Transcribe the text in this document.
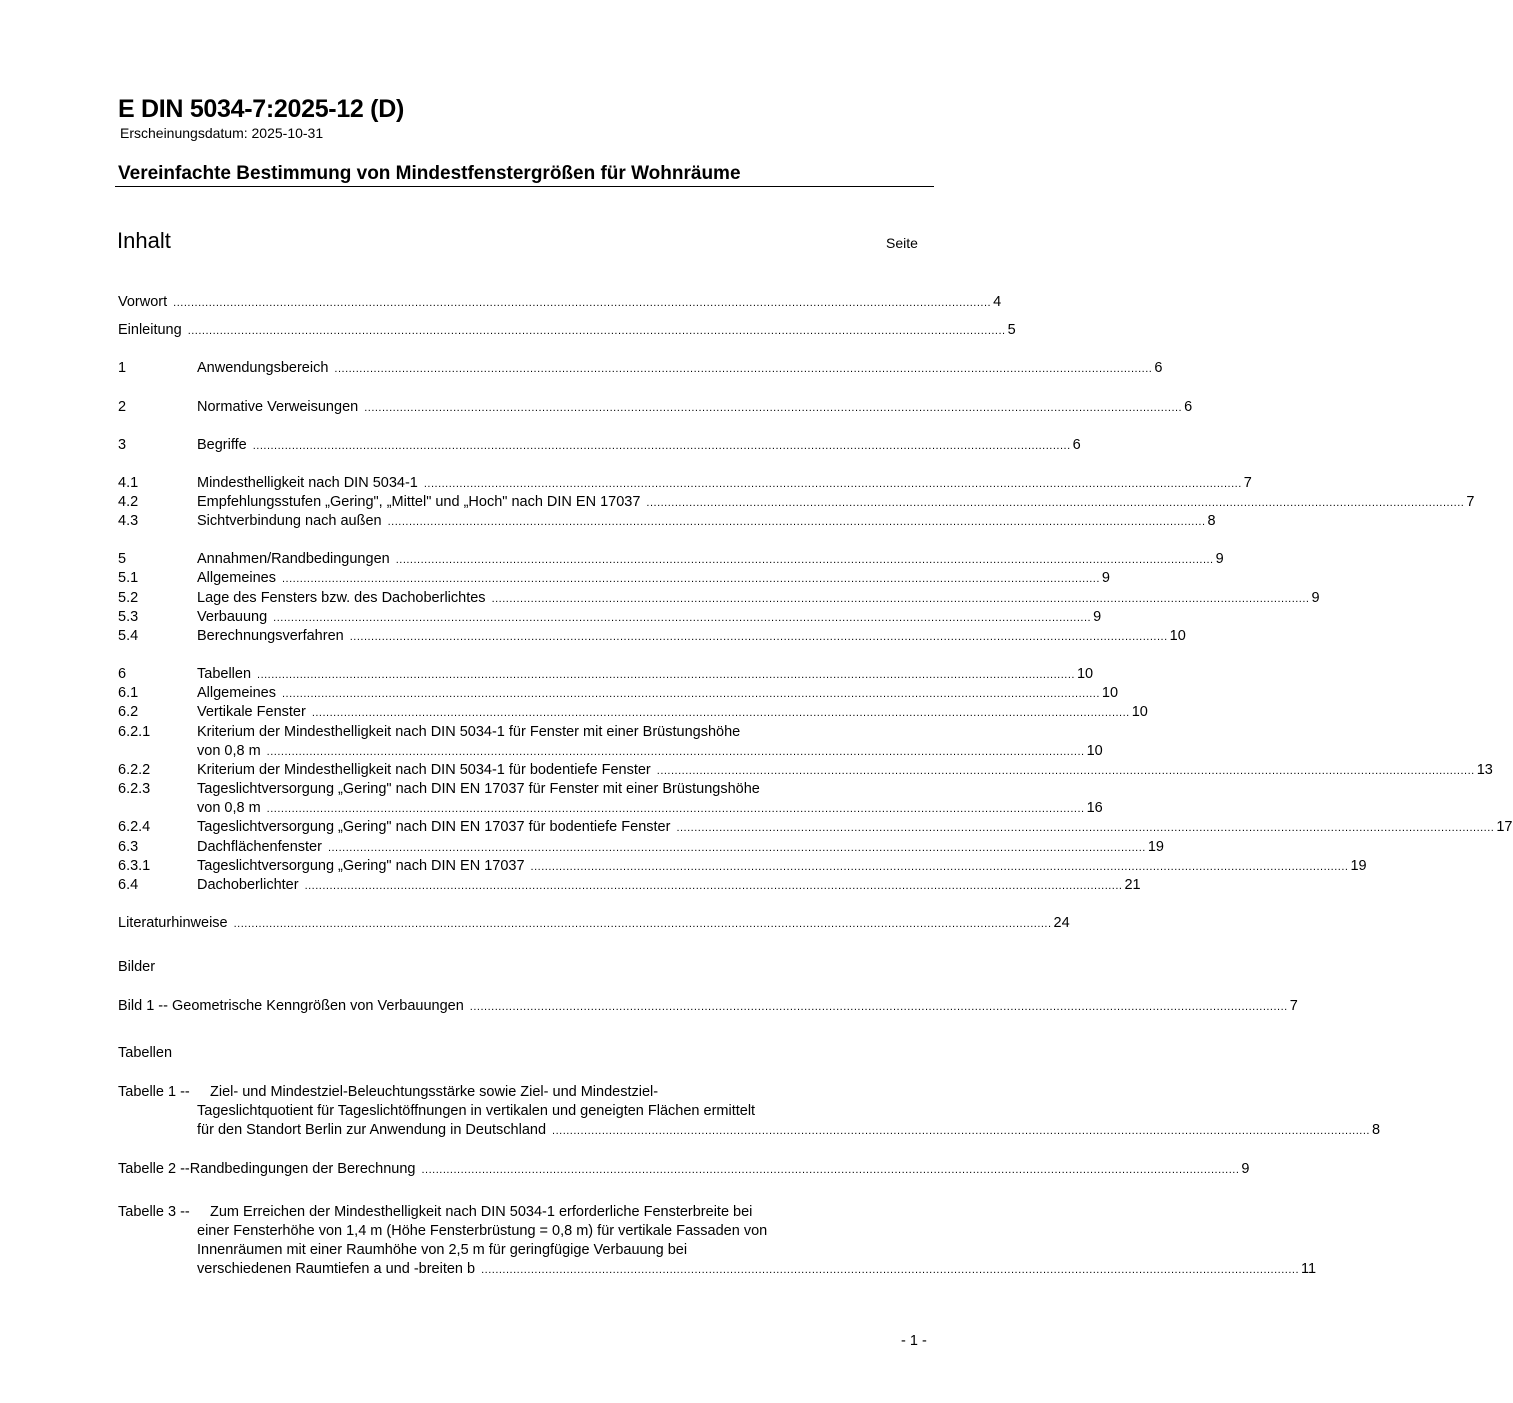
E DIN 5034-7:2025-12 (D)
Erscheinungsdatum: 2025-10-31
Vereinfachte Bestimmung von Mindestfenstergrößen für Wohnräume
Inhalt	Seite
Vorwort ...................................................................................................................................................................................................................................... 4
Einleitung ...................................................................................................................................................................................................................................... 5
1	Anwendungsbereich ...................................................................................................................................................................................................................................... 6
2	Normative Verweisungen ...................................................................................................................................................................................................................................... 6
3	Begriffe ...................................................................................................................................................................................................................................... 6
4.1	Mindesthelligkeit nach DIN 5034-1 ...................................................................................................................................................................................................................................... 7
4.2	Empfehlungsstufen „Gering", „Mittel" und „Hoch" nach DIN EN 17037 ...................................................................................................................................................................................................................................... 7
4.3	Sichtverbindung nach außen ...................................................................................................................................................................................................................................... 8
5	Annahmen/Randbedingungen ...................................................................................................................................................................................................................................... 9
5.1	Allgemeines ...................................................................................................................................................................................................................................... 9
5.2	Lage des Fensters bzw. des Dachoberlichtes ...................................................................................................................................................................................................................................... 9
5.3	Verbauung ...................................................................................................................................................................................................................................... 9
5.4	Berechnungsverfahren ...................................................................................................................................................................................................................................... 10
6	Tabellen ...................................................................................................................................................................................................................................... 10
6.1	Allgemeines ...................................................................................................................................................................................................................................... 10
6.2	Vertikale Fenster ...................................................................................................................................................................................................................................... 10
6.2.1	Kriterium der Mindesthelligkeit nach DIN 5034-1 für Fenster mit einer Brüstungshöhe
von 0,8 m ...................................................................................................................................................................................................................................... 10
6.2.2	Kriterium der Mindesthelligkeit nach DIN 5034-1 für bodentiefe Fenster ...................................................................................................................................................................................................................................... 13
6.2.3	Tageslichtversorgung „Gering" nach DIN EN 17037 für Fenster mit einer Brüstungshöhe
von 0,8 m ...................................................................................................................................................................................................................................... 16
6.2.4	Tageslichtversorgung „Gering" nach DIN EN 17037 für bodentiefe Fenster ...................................................................................................................................................................................................................................... 17
6.3	Dachflächenfenster ...................................................................................................................................................................................................................................... 19
6.3.1	Tageslichtversorgung „Gering" nach DIN EN 17037 ...................................................................................................................................................................................................................................... 19
6.4	Dachoberlichter ...................................................................................................................................................................................................................................... 21
Literaturhinweise ...................................................................................................................................................................................................................................... 24
Bilder
Bild 1 -- Geometrische Kenngrößen von Verbauungen ...................................................................................................................................................................................................................................... 7
Tabellen
Tabelle 1 -- Ziel- und Mindestziel-Beleuchtungsstärke sowie Ziel- und Mindestziel-
Tageslichtquotient für Tageslichtöffnungen in vertikalen und geneigten Flächen ermittelt
für den Standort Berlin zur Anwendung in Deutschland ...................................................................................................................................................................................................................................... 8
Tabelle 2 -- Randbedingungen der Berechnung ...................................................................................................................................................................................................................................... 9
Tabelle 3 -- Zum Erreichen der Mindesthelligkeit nach DIN 5034-1 erforderliche Fensterbreite bei
einer Fensterhöhe von 1,4 m (Höhe Fensterbrüstung = 0,8 m) für vertikale Fassaden von
Innenräumen mit einer Raumhöhe von 2,5 m für geringfügige Verbauung bei
verschiedenen Raumtiefen a und -breiten b ...................................................................................................................................................................................................................................... 11
- 1 -
